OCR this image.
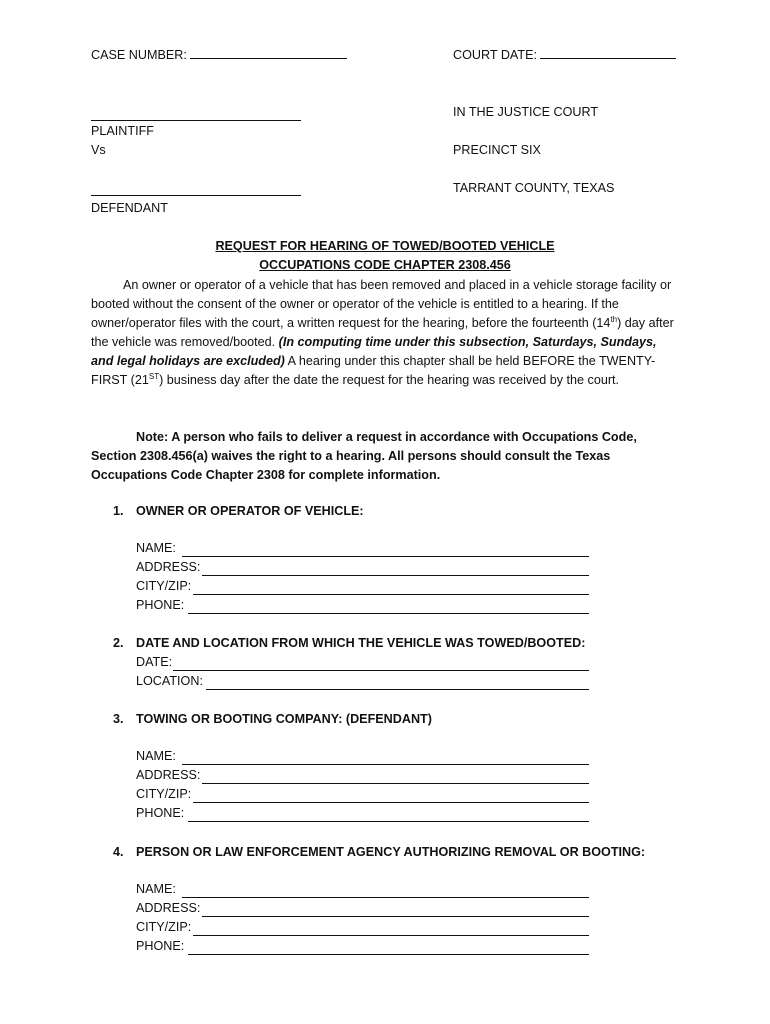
CASE NUMBER:	COURT DATE:
PLAINTIFF
Vs
DEFENDANT
IN THE JUSTICE COURT
PRECINCT SIX
TARRANT COUNTY, TEXAS
REQUEST FOR HEARING OF TOWED/BOOTED VEHICLE
OCCUPATIONS CODE CHAPTER 2308.456
An owner or operator of a vehicle that has been removed and placed in a vehicle storage facility or booted without the consent of the owner or operator of the vehicle is entitled to a hearing. If the owner/operator files with the court, a written request for the hearing, before the fourteenth (14th) day after the vehicle was removed/booted. (In computing time under this subsection, Saturdays, Sundays, and legal holidays are excluded) A hearing under this chapter shall be held BEFORE the TWENTY-FIRST (21ST) business day after the date the request for the hearing was received by the court.
Note: A person who fails to deliver a request in accordance with Occupations Code, Section 2308.456(a) waives the right to a hearing. All persons should consult the Texas Occupations Code Chapter 2308 for complete information.
1. OWNER OR OPERATOR OF VEHICLE:
NAME:
ADDRESS:
CITY/ZIP:
PHONE:
2. DATE AND LOCATION FROM WHICH THE VEHICLE WAS TOWED/BOOTED:
DATE:
LOCATION:
3. TOWING OR BOOTING COMPANY: (DEFENDANT)
NAME:
ADDRESS:
CITY/ZIP:
PHONE:
4. PERSON OR LAW ENFORCEMENT AGENCY AUTHORIZING REMOVAL OR BOOTING:
NAME:
ADDRESS:
CITY/ZIP:
PHONE:
